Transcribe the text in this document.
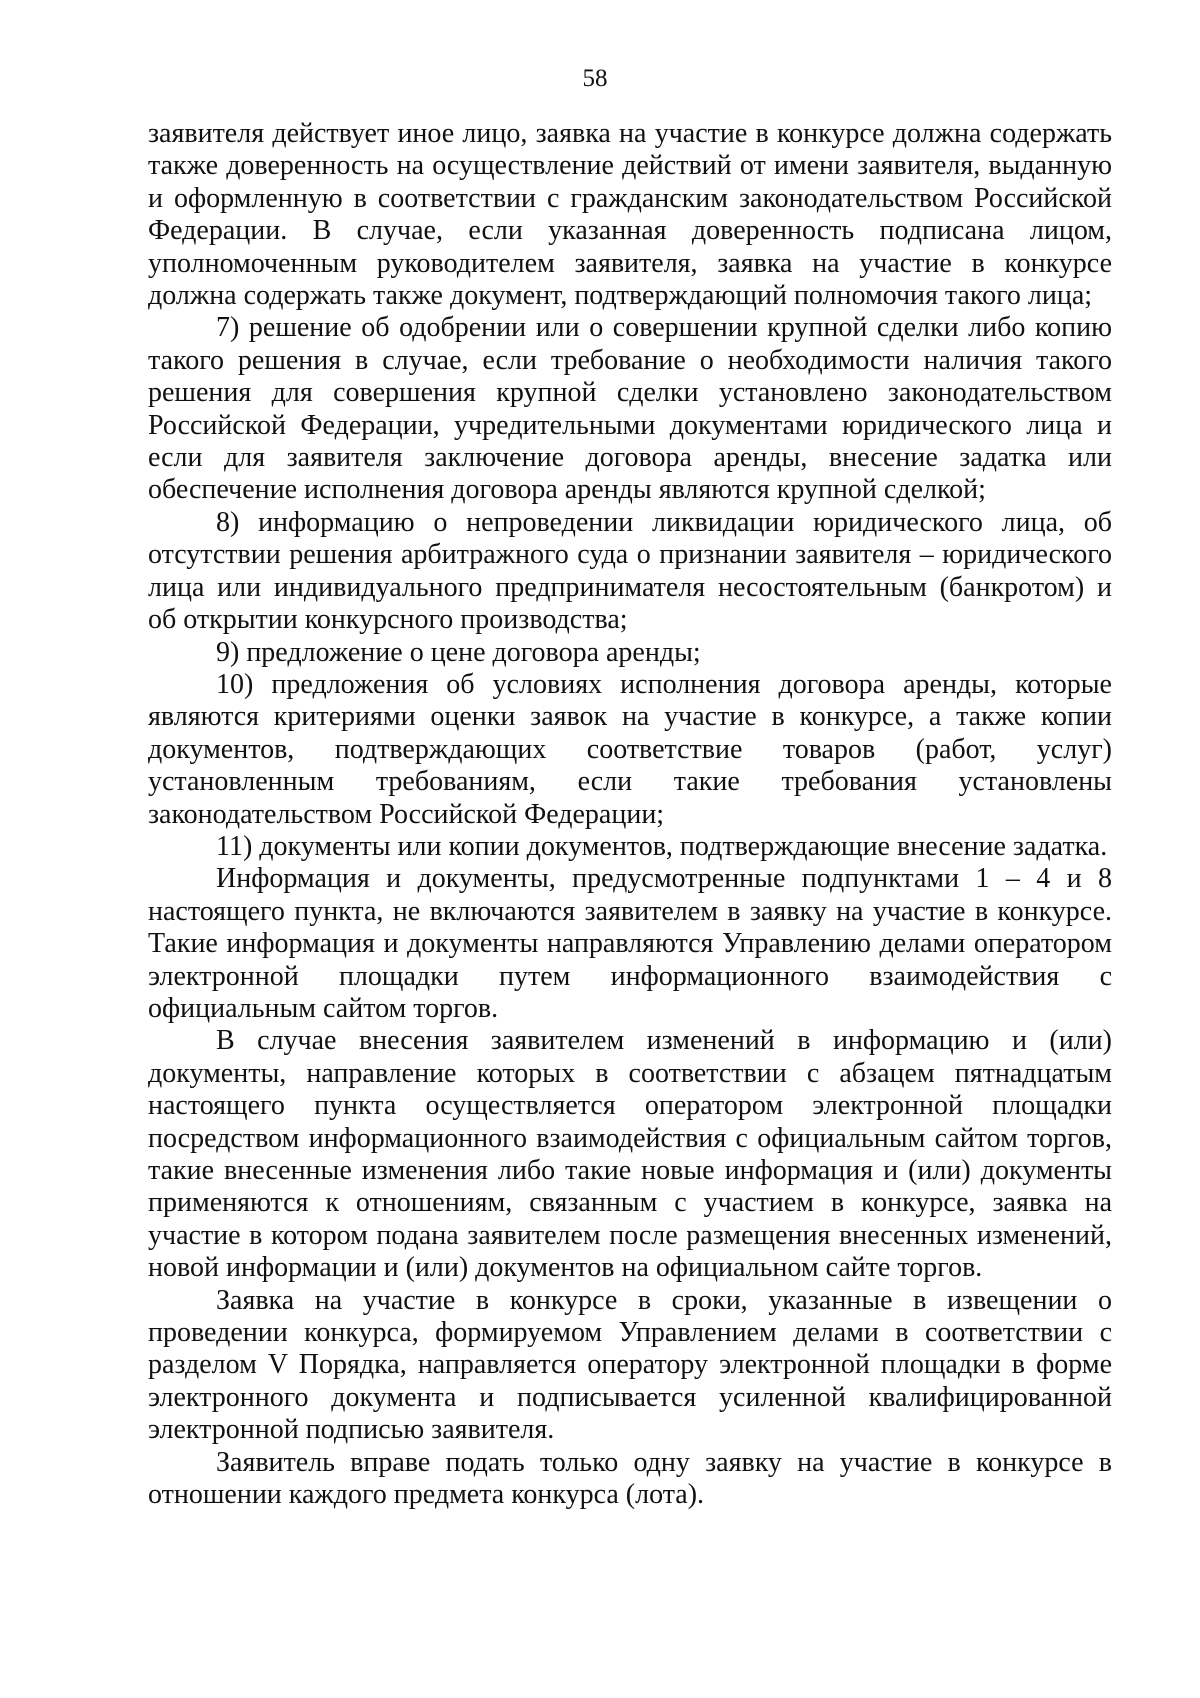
58

заявителя действует иное лицо, заявка на участие в конкурсе должна содержать также доверенность на осуществление действий от имени заявителя, выданную и оформленную в соответствии с гражданским законодательством Российской Федерации. В случае, если указанная доверенность подписана лицом, уполномоченным руководителем заявителя, заявка на участие в конкурсе должна содержать также документ, подтверждающий полномочия такого лица;

7) решение об одобрении или о совершении крупной сделки либо копию такого решения в случае, если требование о необходимости наличия такого решения для совершения крупной сделки установлено законодательством Российской Федерации, учредительными документами юридического лица и если для заявителя заключение договора аренды, внесение задатка или обеспечение исполнения договора аренды являются крупной сделкой;

8) информацию о непроведении ликвидации юридического лица, об отсутствии решения арбитражного суда о признании заявителя – юридического лица или индивидуального предпринимателя несостоятельным (банкротом) и об открытии конкурсного производства;

9) предложение о цене договора аренды;

10) предложения об условиях исполнения договора аренды, которые являются критериями оценки заявок на участие в конкурсе, а также копии документов, подтверждающих соответствие товаров (работ, услуг) установленным требованиям, если такие требования установлены законодательством Российской Федерации;

11) документы или копии документов, подтверждающие внесение задатка.

Информация и документы, предусмотренные подпунктами 1 – 4 и 8 настоящего пункта, не включаются заявителем в заявку на участие в конкурсе. Такие информация и документы направляются Управлению делами оператором электронной площадки путем информационного взаимодействия с официальным сайтом торгов.

В случае внесения заявителем изменений в информацию и (или) документы, направление которых в соответствии с абзацем пятнадцатым настоящего пункта осуществляется оператором электронной площадки посредством информационного взаимодействия с официальным сайтом торгов, такие внесенные изменения либо такие новые информация и (или) документы применяются к отношениям, связанным с участием в конкурсе, заявка на участие в котором подана заявителем после размещения внесенных изменений, новой информации и (или) документов на официальном сайте торгов.

Заявка на участие в конкурсе в сроки, указанные в извещении о проведении конкурса, формируемом Управлением делами в соответствии с разделом V Порядка, направляется оператору электронной площадки в форме электронного документа и подписывается усиленной квалифицированной электронной подписью заявителя.

Заявитель вправе подать только одну заявку на участие в конкурсе в отношении каждого предмета конкурса (лота).
